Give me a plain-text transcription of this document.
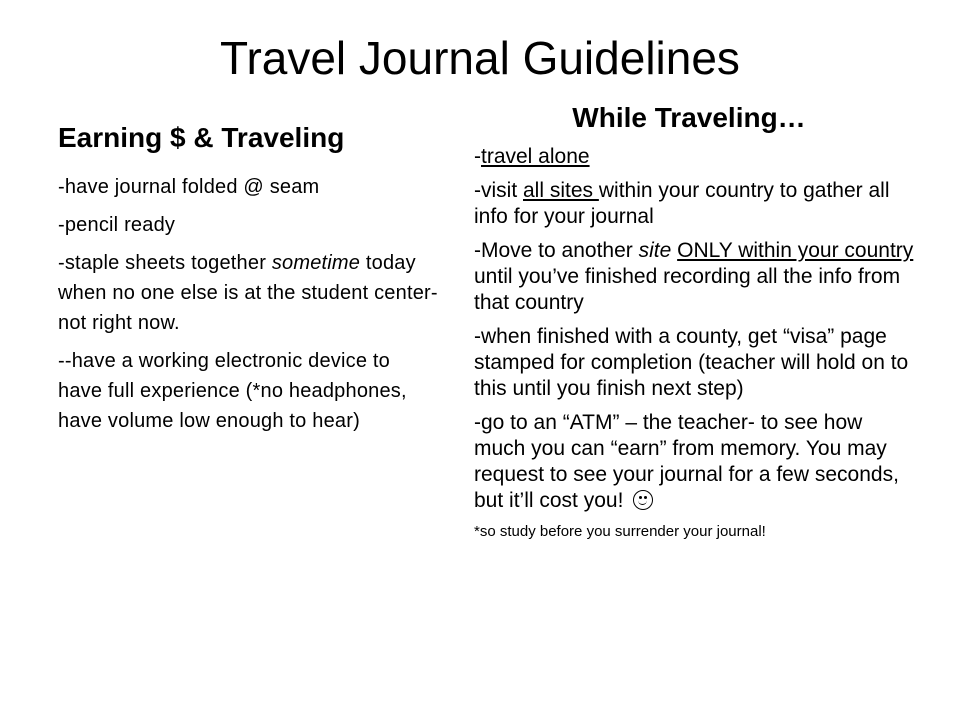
Travel Journal Guidelines
Earning $ & Traveling

-have journal folded @ seam

-pencil ready

-staple sheets together sometime today when no one else is at the student center- not right now.

--have a working electronic device to have full experience (*no headphones, have volume low enough to hear)

While Traveling…

-travel alone

-visit all sites within your country to gather all info for your journal

-Move to another site ONLY within your country until you’ve finished recording all the info from that country

-when finished with a county, get “visa” page stamped for completion (teacher will hold on to this until you finish next step)

-go to an “ATM” – the teacher- to see how much you can “earn” from memory. You may request to see your journal for a few seconds, but it’ll cost you!

*so study before you surrender your journal!
